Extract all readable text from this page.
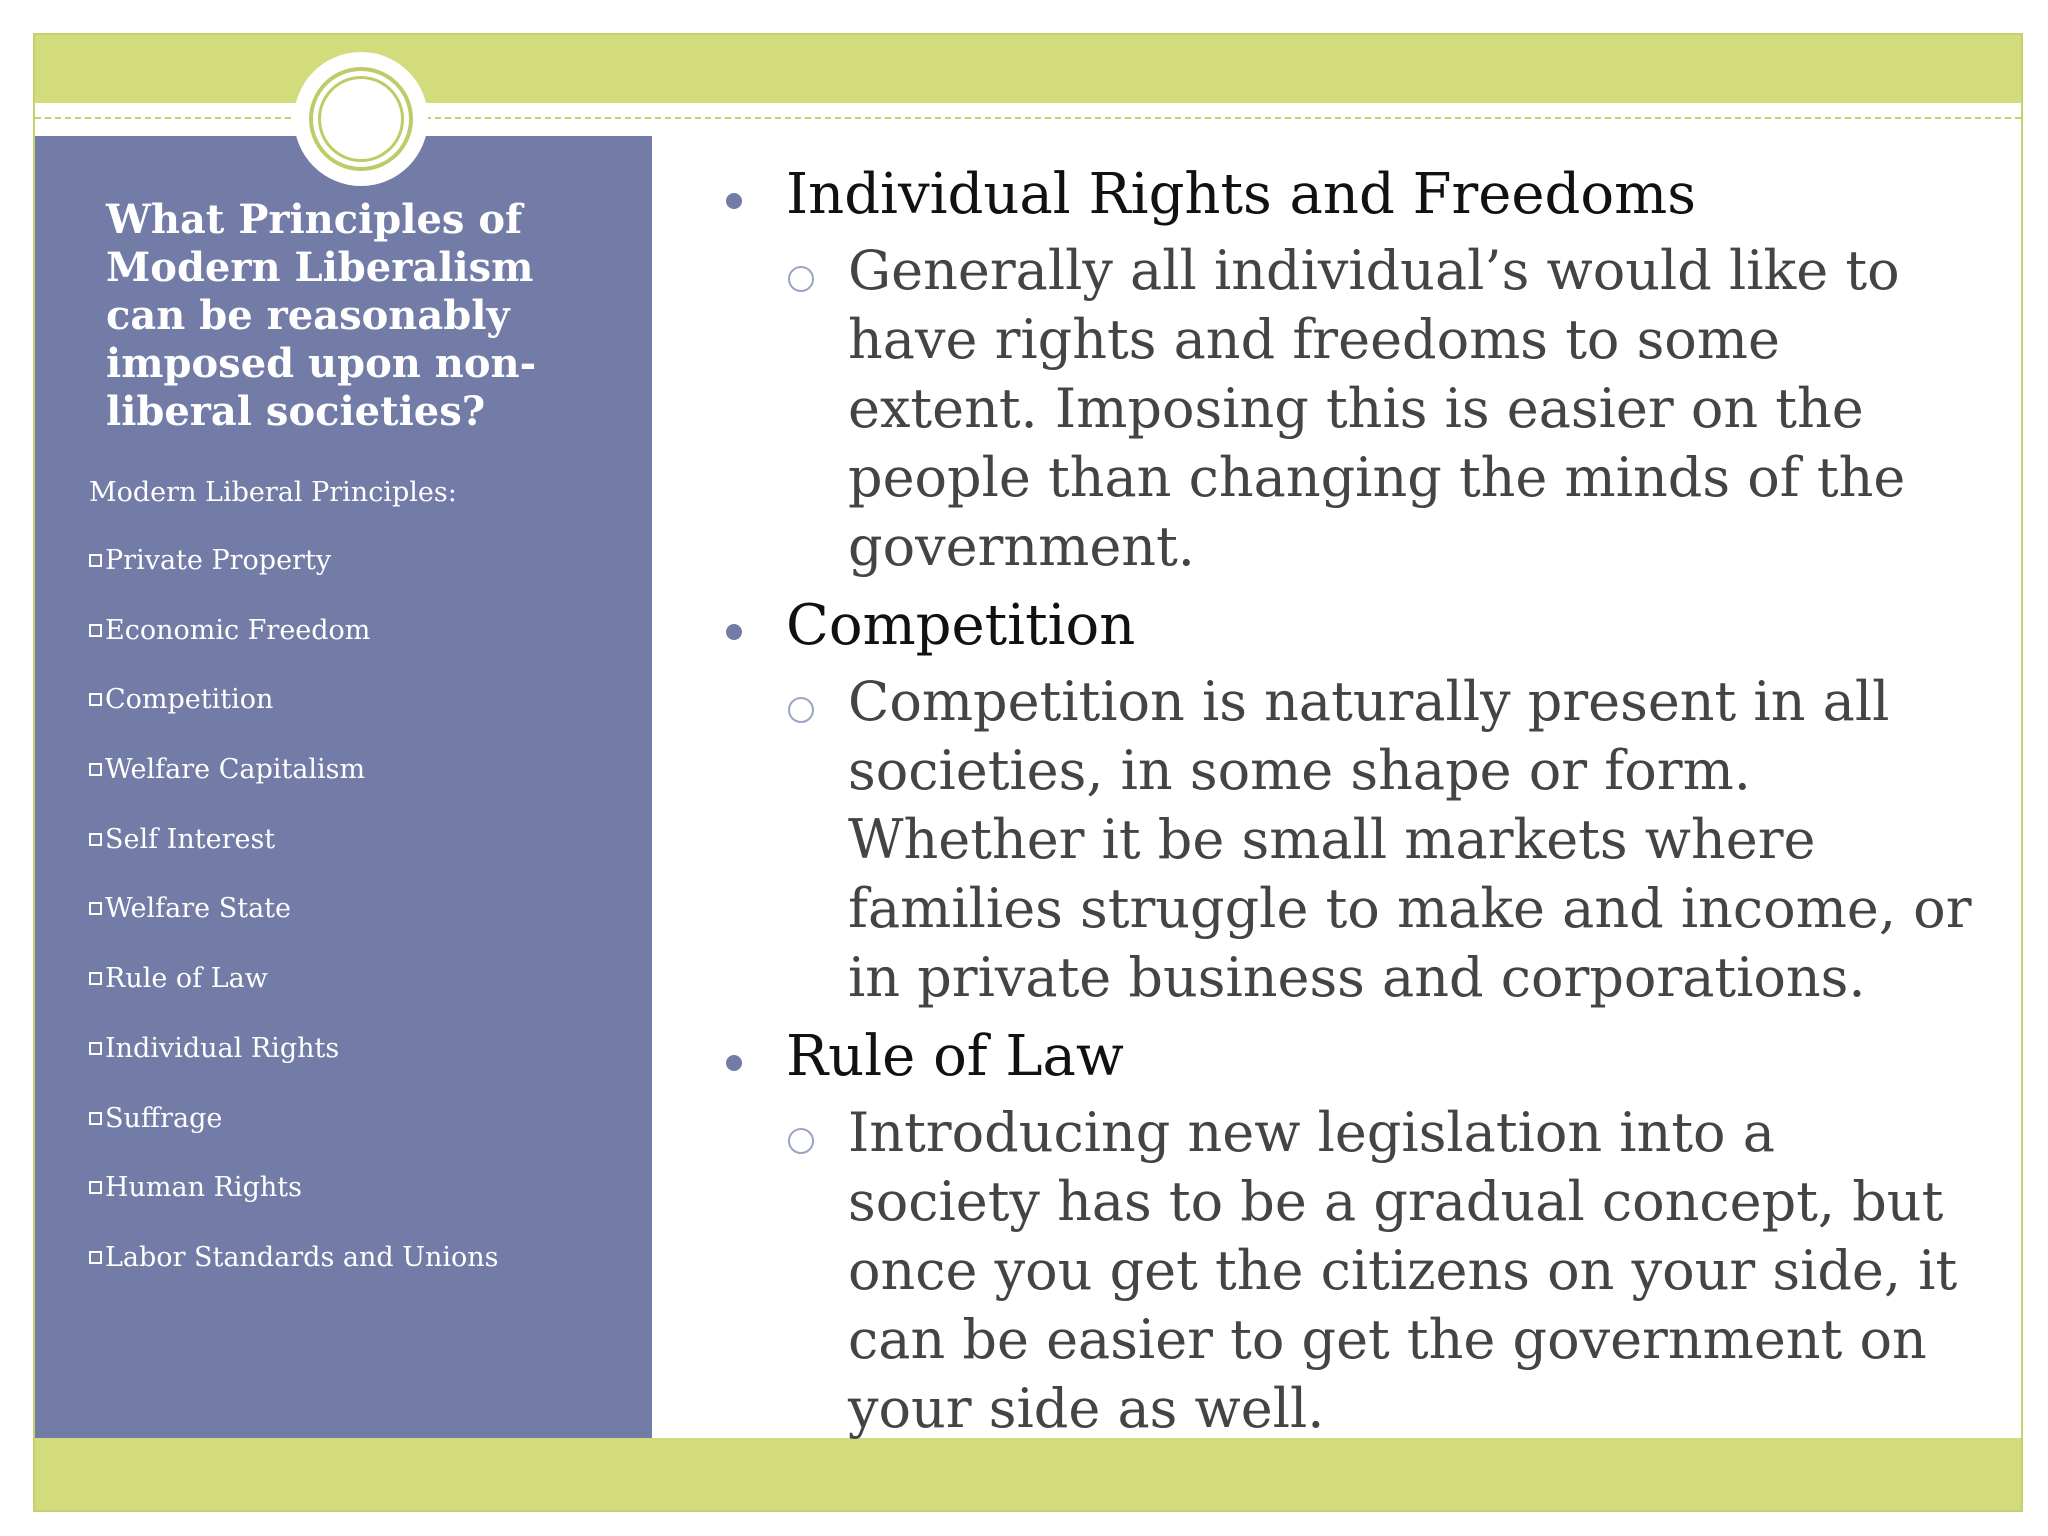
What Principles of Modern Liberalism can be reasonably imposed upon non-liberal societies?
Modern Liberal Principles:
Private Property
Economic Freedom
Competition
Welfare Capitalism
Self Interest
Welfare State
Rule of Law
Individual Rights
Suffrage
Human Rights
Labor Standards and Unions
Individual Rights and Freedoms
Generally all individual’s would like to have rights and freedoms to some extent. Imposing this is easier on the people than changing the minds of the government.
Competition
Competition is naturally present in all societies, in some shape or form. Whether it be small markets where families struggle to make and income, or in private business and corporations.
Rule of Law
Introducing new legislation into a society has to be a gradual concept, but once you get the citizens on your side, it can be easier to get the government on your side as well.
